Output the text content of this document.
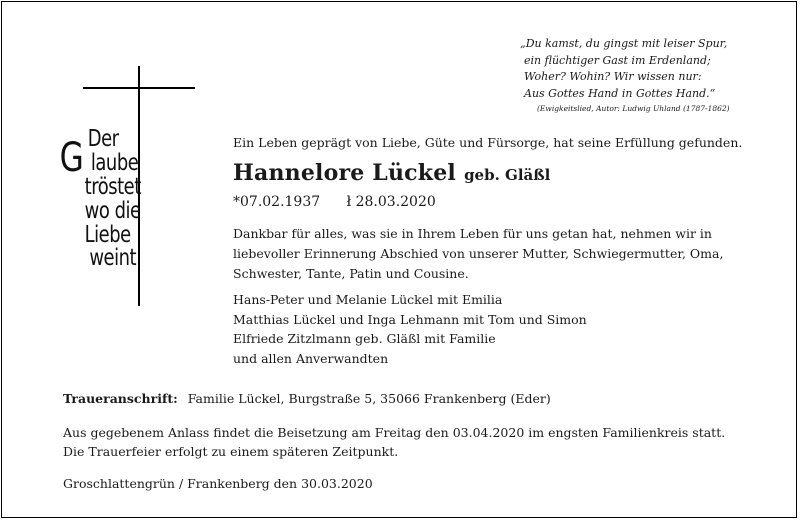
„Du kamst, du gingst mit leiser Spur,
ein flüchtiger Gast im Erdenland;
Woher? Wohin? Wir wissen nur:
Aus Gottes Hand in Gottes Hand.“
(Ewigkeitslied, Autor: Ludwig Uhland (1787-1862)
Der
G laube
tröstet
wo die
Liebe
weint
Ein Leben geprägt von Liebe, Güte und Fürsorge, hat seine Erfüllung gefunden.
Hannelore Lückel geb. Gläßl
*07.02.1937 ł 28.03.2020
Dankbar für alles, was sie in Ihrem Leben für uns getan hat, nehmen wir in
liebevoller Erinnerung Abschied von unserer Mutter, Schwiegermutter, Oma,
Schwester, Tante, Patin und Cousine.
Hans-Peter und Melanie Lückel mit Emilia
Matthias Lückel und Inga Lehmann mit Tom und Simon
Elfriede Zitzlmann geb. Gläßl mit Familie
und allen Anverwandten
Traueranschrift: Familie Lückel, Burgstraße 5, 35066 Frankenberg (Eder)
Aus gegebenem Anlass findet die Beisetzung am Freitag den 03.04.2020 im engsten Familienkreis statt.
Die Trauerfeier erfolgt zu einem späteren Zeitpunkt.
Groschlattengrün / Frankenberg den 30.03.2020
